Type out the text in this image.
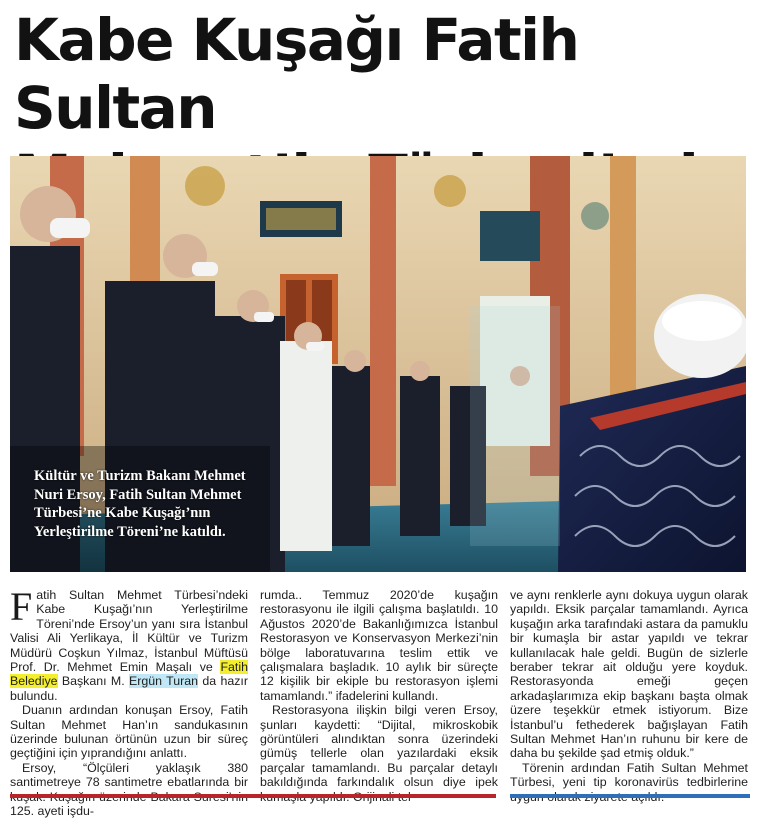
Kabe Kuşağı Fatih Sultan

Kültür ve Turizm Bakanı Mehmet Nuri Ersoy, Fatih Sultan Mehmet Türbesi’ne Kabe Kuşağı’nın Yerleştirilme Töreni’ne katıldı.

Fatih Sultan Mehmet Türbesi’ndeki Kabe Kuşağı’nın Yerleştirilme Töreni’nde Ersoy’un yanı sıra İstanbul Valisi Ali Yerlikaya, İl Kültür ve Turizm Müdürü Coşkun Yılmaz, İstanbul Müftüsü Prof. Dr. Mehmet Emin Maşalı ve Fatih Belediye Başkanı M. Ergün Turan da hazır bulundu.

Duanın ardından konuşan Ersoy, Fatih Sultan Mehmet Han’ın sandukasının üzerinde bulunan örtünün uzun bir süreç geçtiğini için yıprandığını anlattı.

Ersoy, “Ölçüleri yaklaşık 380 santimetreye 78 santimetre ebatlarında bir 125. ayeti işdu-

rumda.. Temmuz 2020’de kuşağın restorasyonu ile ilgili çalışma başlatıldı. 10 Ağustos 2020’de Bakanlığımızca İstanbul Restorasyon ve Konservasyon Merkezi’nin bölge laboratuvarına teslim ettik ve çalışmalara başladık. 10 aylık bir süreçte 12 kişilik bir ekiple bu restorasyon işlemi tamamlandı.” ifadelerini kullandı.

Restorasyona ilişkin bilgi veren Ersoy, şunları kaydetti: “Dijital, mikroskobik görüntüleri alındıktan sonra üzerindeki gümüş tellerle olan yazılardaki eksik parçalar tamamlandı. Bu parçalar detaylı bakıldığında farkındalık olsun diye ipek

ve aynı renklerle aynı dokuya uygun olarak yapıldı. Eksik parçalar tamamlandı. Ayrıca kuşağın arka tarafındaki astara da pamuklu bir kumaşla bir astar yapıldı ve tekrar kullanılacak hale geldi. Bugün de sizlerle beraber tekrar ait olduğu yere koyduk. Restorasyonda emeği geçen arkadaşlarımıza ekip başkanı başta olmak üzere teşekkür etmek istiyorum. Bize İstanbul’u fethederek bağışlayan Fatih Sultan Mehmet Han’ın ruhunu bir kere de daha bu şekilde şad etmiş olduk.”

Törenin ardından Fatih Sultan Mehmet Türbesi, yeni tip koronavirüs tedbirlerine
